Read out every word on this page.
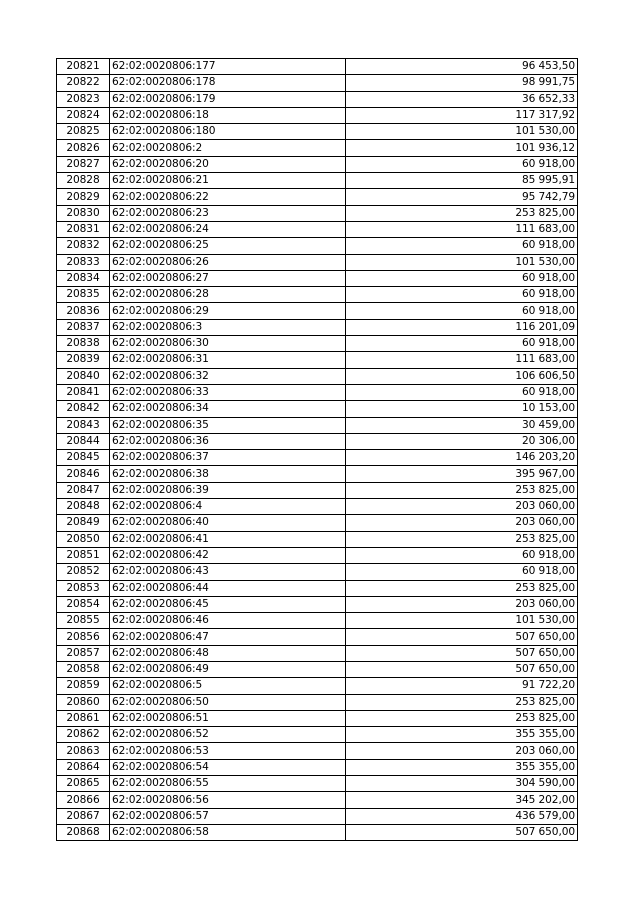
20821	62:02:0020806:177	96 453,50
20822	62:02:0020806:178	98 991,75
20823	62:02:0020806:179	36 652,33
20824	62:02:0020806:18	117 317,92
20825	62:02:0020806:180	101 530,00
20826	62:02:0020806:2	101 936,12
20827	62:02:0020806:20	60 918,00
20828	62:02:0020806:21	85 995,91
20829	62:02:0020806:22	95 742,79
20830	62:02:0020806:23	253 825,00
20831	62:02:0020806:24	111 683,00
20832	62:02:0020806:25	60 918,00
20833	62:02:0020806:26	101 530,00
20834	62:02:0020806:27	60 918,00
20835	62:02:0020806:28	60 918,00
20836	62:02:0020806:29	60 918,00
20837	62:02:0020806:3	116 201,09
20838	62:02:0020806:30	60 918,00
20839	62:02:0020806:31	111 683,00
20840	62:02:0020806:32	106 606,50
20841	62:02:0020806:33	60 918,00
20842	62:02:0020806:34	10 153,00
20843	62:02:0020806:35	30 459,00
20844	62:02:0020806:36	20 306,00
20845	62:02:0020806:37	146 203,20
20846	62:02:0020806:38	395 967,00
20847	62:02:0020806:39	253 825,00
20848	62:02:0020806:4	203 060,00
20849	62:02:0020806:40	203 060,00
20850	62:02:0020806:41	253 825,00
20851	62:02:0020806:42	60 918,00
20852	62:02:0020806:43	60 918,00
20853	62:02:0020806:44	253 825,00
20854	62:02:0020806:45	203 060,00
20855	62:02:0020806:46	101 530,00
20856	62:02:0020806:47	507 650,00
20857	62:02:0020806:48	507 650,00
20858	62:02:0020806:49	507 650,00
20859	62:02:0020806:5	91 722,20
20860	62:02:0020806:50	253 825,00
20861	62:02:0020806:51	253 825,00
20862	62:02:0020806:52	355 355,00
20863	62:02:0020806:53	203 060,00
20864	62:02:0020806:54	355 355,00
20865	62:02:0020806:55	304 590,00
20866	62:02:0020806:56	345 202,00
20867	62:02:0020806:57	436 579,00
20868	62:02:0020806:58	507 650,00
